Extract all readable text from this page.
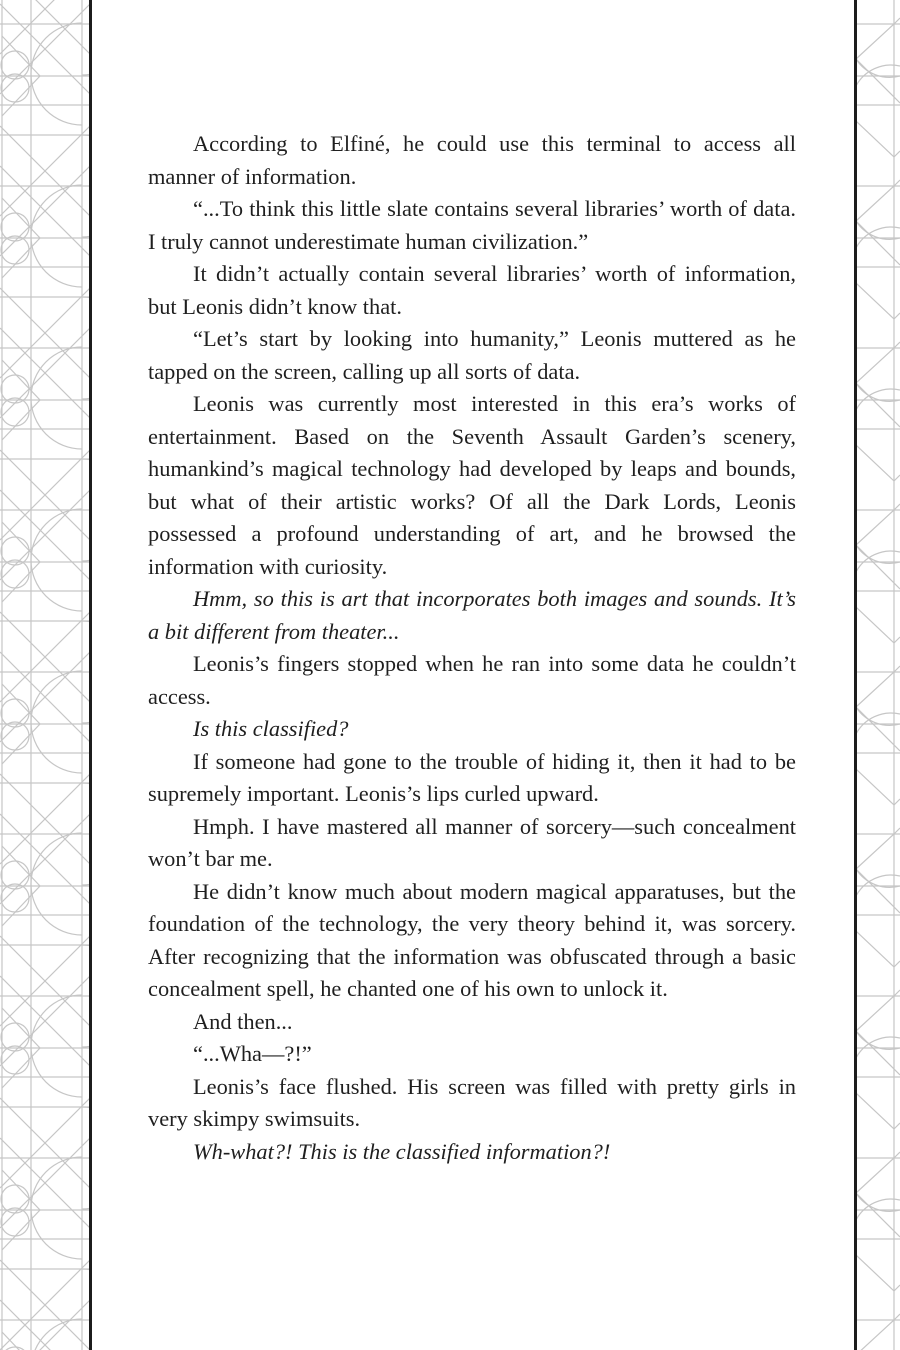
According to Elfiné, he could use this terminal to access all manner of information.

“...To think this little slate contains several libraries’ worth of data. I truly cannot underestimate human civilization.”

It didn’t actually contain several libraries’ worth of information, but Leonis didn’t know that.

“Let’s start by looking into humanity,” Leonis muttered as he tapped on the screen, calling up all sorts of data.

Leonis was currently most interested in this era’s works of entertainment. Based on the Seventh Assault Garden’s scenery, humankind’s magical technology had developed by leaps and bounds, but what of their artistic works? Of all the Dark Lords, Leonis possessed a profound understanding of art, and he browsed the information with curiosity.

Hmm, so this is art that incorporates both images and sounds. It’s a bit different from theater...

Leonis’s fingers stopped when he ran into some data he couldn’t access.

Is this classified?

If someone had gone to the trouble of hiding it, then it had to be supremely important. Leonis’s lips curled upward.

Hmph. I have mastered all manner of sorcery—such concealment won’t bar me.

He didn’t know much about modern magical apparatuses, but the foundation of the technology, the very theory behind it, was sorcery. After recognizing that the information was obfuscated through a basic concealment spell, he chanted one of his own to unlock it.

And then...

“...Wha—?!”

Leonis’s face flushed. His screen was filled with pretty girls in very skimpy swimsuits.

Wh-what?! This is the classified information?!
